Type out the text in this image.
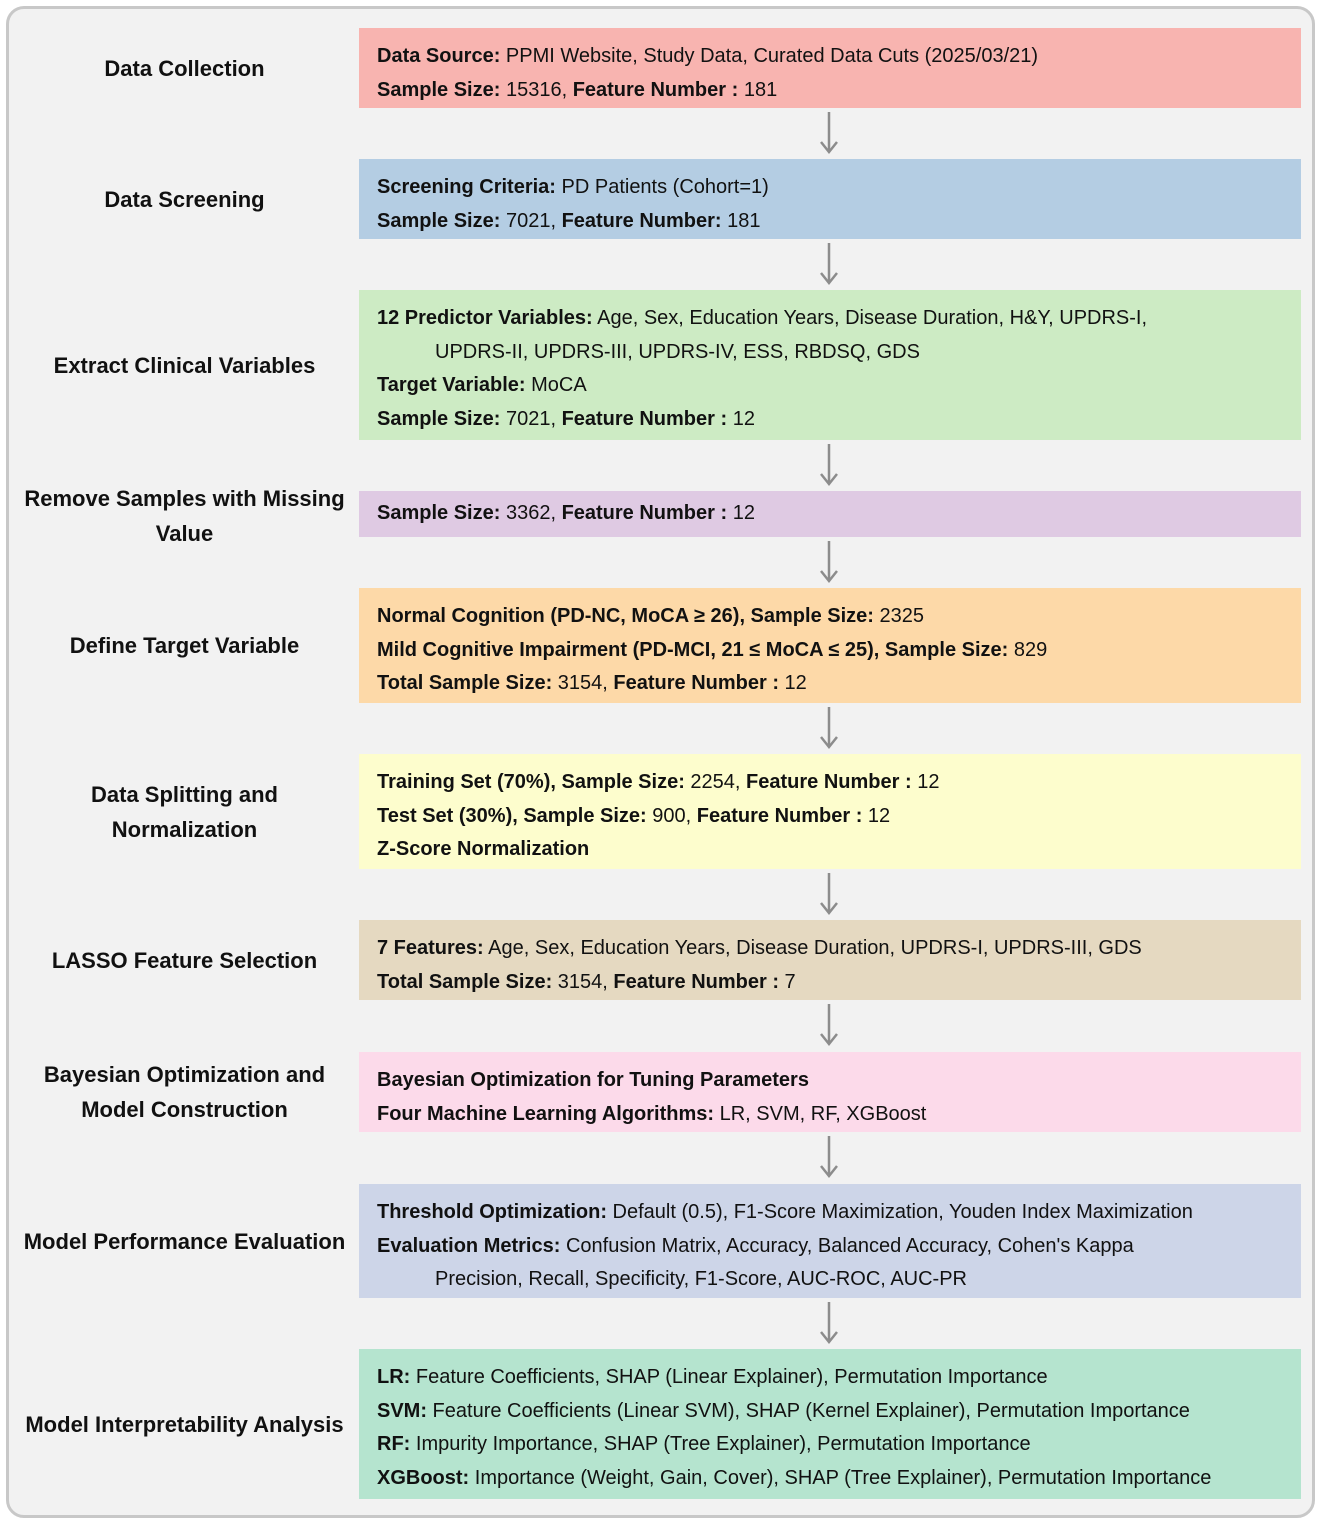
Data Collection	Data Source: PPMI Website, Study Data, Curated Data Cuts (2025/03/21)
Sample Size: 15316, Feature Number : 181
Data Screening	Screening Criteria: PD Patients (Cohort=1)
Sample Size: 7021, Feature Number: 181
Extract Clinical Variables
12 Predictor Variables: Age, Sex, Education Years, Disease Duration, H&Y, UPDRS-I,
UPDRS-II, UPDRS-III, UPDRS-IV, ESS, RBDSQ, GDS
Target Variable: MoCA
Sample Size: 7021, Feature Number : 12
Remove Samples with Missing Value
Sample Size: 3362, Feature Number : 12
Define Target Variable
Normal Cognition (PD-NC, MoCA ≥ 26), Sample Size: 2325
Mild Cognitive Impairment (PD-MCI, 21 ≤ MoCA ≤ 25), Sample Size: 829
Total Sample Size: 3154, Feature Number : 12
Data Splitting and Normalization
Training Set (70%), Sample Size: 2254, Feature Number : 12
Test Set (30%), Sample Size: 900, Feature Number : 12
Z-Score Normalization
LASSO Feature Selection	7 Features: Age, Sex, Education Years, Disease Duration, UPDRS-I, UPDRS-III, GDS
Total Sample Size: 3154, Feature Number : 7
Bayesian Optimization and Model Construction
Bayesian Optimization for Tuning Parameters
Four Machine Learning Algorithms: LR, SVM, RF, XGBoost
Model Performance Evaluation
Threshold Optimization: Default (0.5), F1-Score Maximization, Youden Index Maximization
Evaluation Metrics: Confusion Matrix, Accuracy, Balanced Accuracy, Cohen's Kappa
Precision, Recall, Specificity, F1-Score, AUC-ROC, AUC-PR
Model Interpretability Analysis
LR: Feature Coefficients, SHAP (Linear Explainer), Permutation Importance
SVM: Feature Coefficients (Linear SVM), SHAP (Kernel Explainer), Permutation Importance
RF: Impurity Importance, SHAP (Tree Explainer), Permutation Importance
XGBoost: Importance (Weight, Gain, Cover), SHAP (Tree Explainer), Permutation Importance
